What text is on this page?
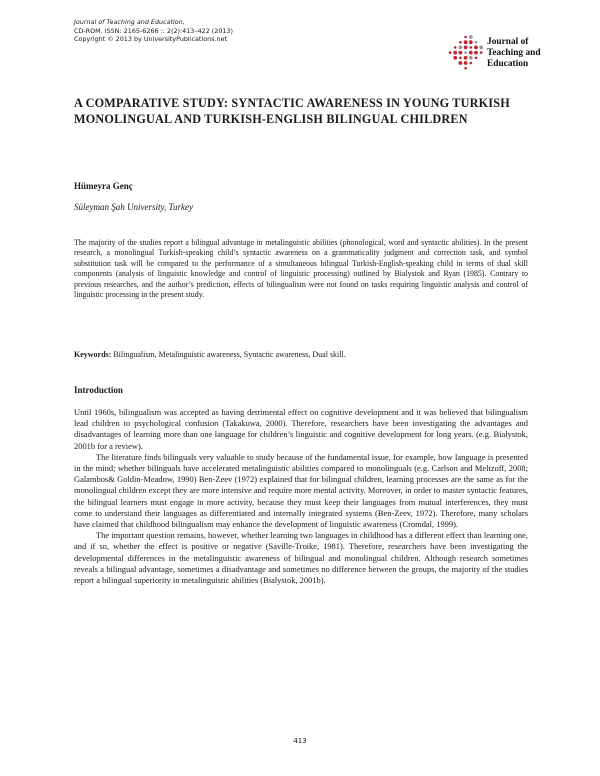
Journal of Teaching and Education,
CD-ROM. ISSN: 2165-6266 :: 2(2):413–422 (2013)
Copyright © 2013 by UniversityPublications.net	Journal of
Teaching and
Education
A COMPARATIVE STUDY: SYNTACTIC AWARENESS IN YOUNG TURKISH MONOLINGUAL AND TURKISH-ENGLISH BILINGUAL CHILDREN
Hümeyra Genç
Süleyman Şah University, Turkey
The majority of the studies report a bilingual advantage in metalinguistic abilities (phonological, word and syntactic abilities). In the present research, a monolingual Turkish-speaking child’s syntactic awareness on a grammaticality judgment and correction task, and symbol substitution task will be compared to the performance of a simultaneous bilingual Turkish-English-speaking child in terms of dual skill components (analysis of linguistic knowledge and control of linguistic processing) outlined by Bialystok and Ryan (1985). Contrary to previous researches, and the author’s prediction, effects of bilingualism were not found on tasks requiring linguistic analysis and control of linguistic processing in the present study.
Keywords: Bilingualism, Metalinguistic awareness, Syntactic awareness, Dual skill.
Introduction

Until 1960s, bilingualism was accepted as having detrimental effect on cognitive development and it was believed that bilingualism lead children to psychological confusion (Takakuwa, 2000). Therefore, researchers have been investigating the advantages and disadvantages of learning more than one language for children’s linguistic and cognitive development for long years. (e.g. Bialystok, 2001b for a review).

The literature finds bilinguals very valuable to study because of the fundamental issue, for example, how language is presented in the mind; whether bilinguals have accelerated metalinguistic abilities compared to monolinguals (e.g. Carlson and Meltzoff, 2008; Galambos& Goldin-Meadow, 1990) Ben-Zeev (1972) explained that for bilingual children, learning processes are the same as for the monolingual children except they are more intensive and require more mental activity. Moreover, in order to master syntactic features, the bilingual learners must engage in more activity, because they must keep their languages from mutual interferences, they must come to understand their languages as differentiated and internally integrated systems (Ben-Zeev, 1972). Therefore, many scholars have claimed that childhood bilingualism may enhance the development of linguistic awareness (Cromdal, 1999).

The important question remains, however, whether learning two languages in childhood has a different effect than learning one, and if so, whether the effect is positive or negative (Saville-Troike, 1981). Therefore, researchers have been investigating the developmental differences in the metalinguistic awareness of bilingual and monolingual children. Although research sometimes reveals a bilingual advantage, sometimes a disadvantage and sometimes no difference between the groups, the majority of the studies report a bilingual superiority in metalinguistic abilities (Bialystok, 2001b).

413
